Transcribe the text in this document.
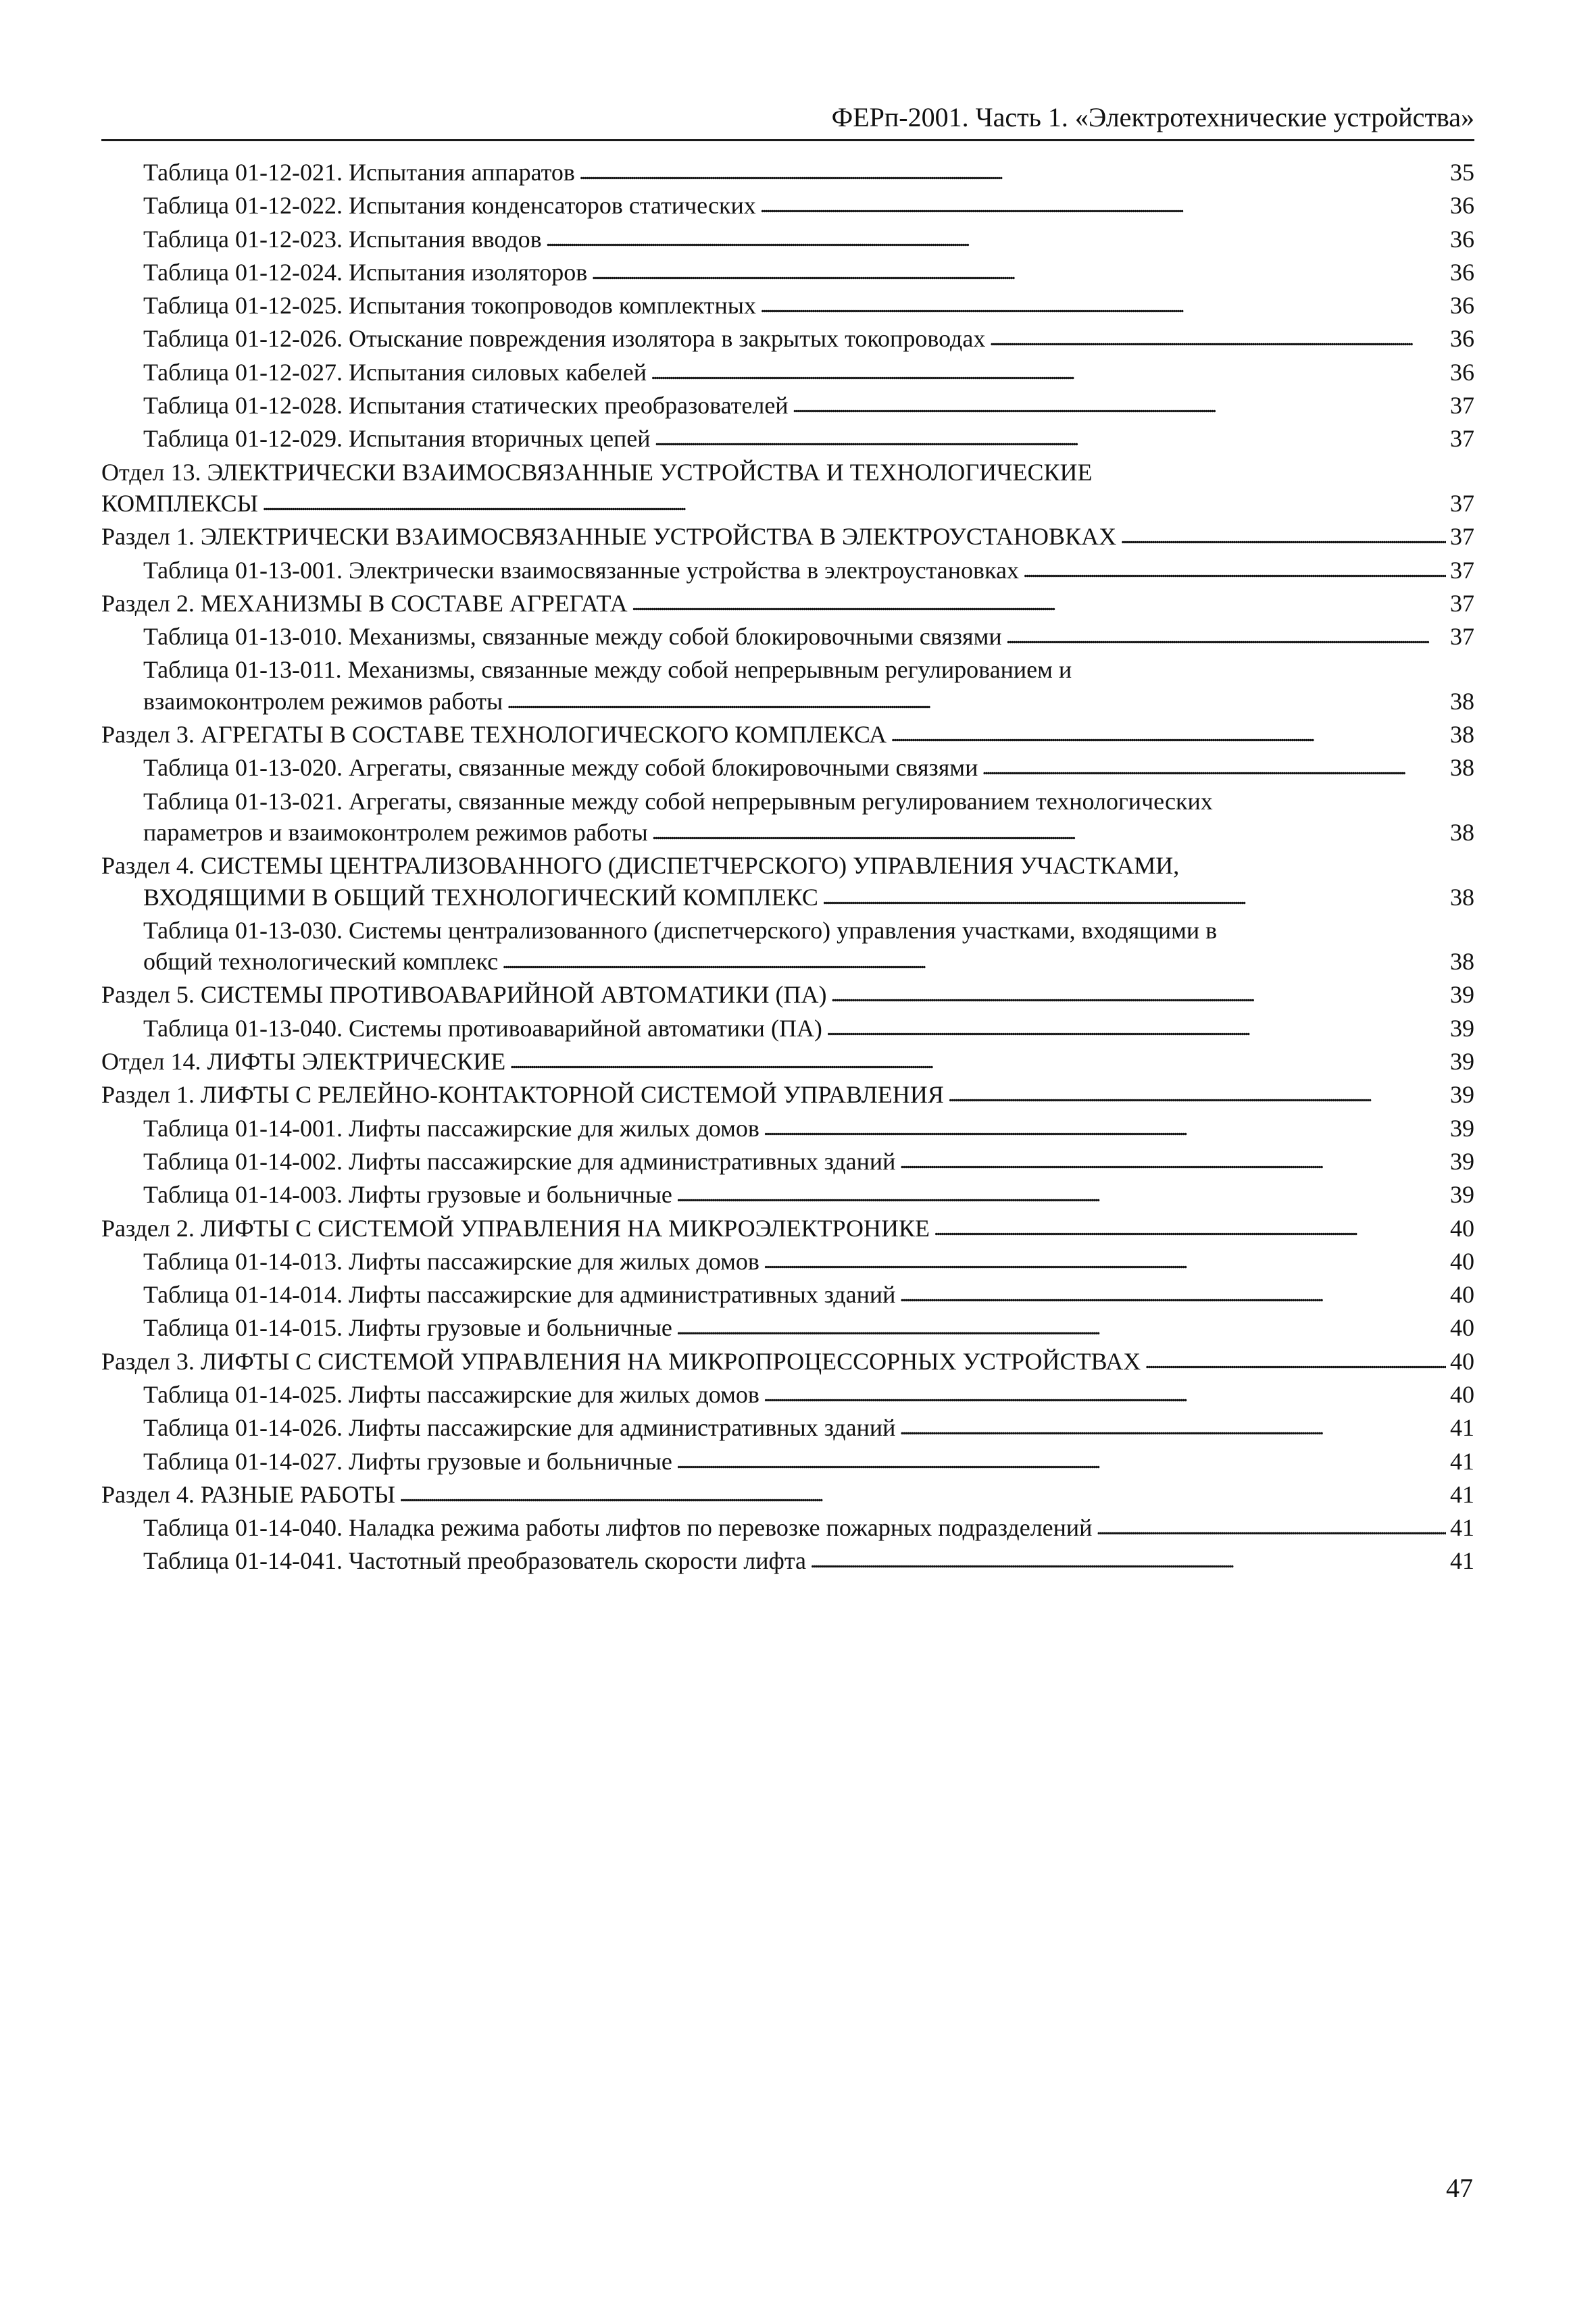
ФЕРп-2001. Часть 1. «Электротехнические устройства»
Таблица 01-12-021. Испытания аппаратов . . .	35
Таблица 01-12-022. Испытания конденсаторов статических . . .	36
Таблица 01-12-023. Испытания вводов . . .	36
Таблица 01-12-024. Испытания изоляторов . . .	36
Таблица 01-12-025. Испытания токопроводов комплектных . . .	36
Таблица 01-12-026. Отыскание повреждения изолятора в закрытых токопроводах . . .	36
Таблица 01-12-027. Испытания силовых кабелей . . .	36
Таблица 01-12-028. Испытания статических преобразователей . . .	37
Таблица 01-12-029. Испытания вторичных цепей . . .	37
Отдел 13. ЭЛЕКТРИЧЕСКИ ВЗАИМОСВЯЗАННЫЕ УСТРОЙСТВА И ТЕХНОЛОГИЧЕСКИЕ
КОМПЛЕКСЫ . . .	37
Раздел 1. ЭЛЕКТРИЧЕСКИ ВЗАИМОСВЯЗАННЫЕ УСТРОЙСТВА В ЭЛЕКТРОУСТАНОВКАХ . . .	37
Таблица 01-13-001. Электрически взаимосвязанные устройства в электроустановках . . .	37
Раздел 2. МЕХАНИЗМЫ В СОСТАВЕ АГРЕГАТА . . .	37
Таблица 01-13-010. Механизмы, связанные между собой блокировочными связями . . .	37
Таблица 01-13-011. Механизмы, связанные между собой непрерывным регулированием и
взаимоконтролем режимов работы . . .	38
Раздел 3. АГРЕГАТЫ В СОСТАВЕ ТЕХНОЛОГИЧЕСКОГО КОМПЛЕКСА . . .	38
Таблица 01-13-020. Агрегаты, связанные между собой блокировочными связями . . .	38
Таблица 01-13-021. Агрегаты, связанные между собой непрерывным регулированием технологических
параметров и взаимоконтролем режимов работы . . .	38
Раздел 4. СИСТЕМЫ ЦЕНТРАЛИЗОВАННОГО (ДИСПЕТЧЕРСКОГО) УПРАВЛЕНИЯ УЧАСТКАМИ,
ВХОДЯЩИМИ В ОБЩИЙ ТЕХНОЛОГИЧЕСКИЙ КОМПЛЕКС . . .	38
Таблица 01-13-030. Системы централизованного (диспетчерского) управления участками, входящими в
общий технологический комплекс . . .	38
Раздел 5. СИСТЕМЫ ПРОТИВОАВАРИЙНОЙ АВТОМАТИКИ (ПА) . . .	39
Таблица 01-13-040. Системы противоаварийной автоматики (ПА) . . .	39
Отдел 14. ЛИФТЫ ЭЛЕКТРИЧЕСКИЕ . . .	39
Раздел 1. ЛИФТЫ С РЕЛЕЙНО-КОНТАКТОРНОЙ СИСТЕМОЙ УПРАВЛЕНИЯ . . .	39
Таблица 01-14-001. Лифты пассажирские для жилых домов . . .	39
Таблица 01-14-002. Лифты пассажирские для административных зданий . . .	39
Таблица 01-14-003. Лифты грузовые и больничные . . .	39
Раздел 2. ЛИФТЫ С СИСТЕМОЙ УПРАВЛЕНИЯ НА МИКРОЭЛЕКТРОНИКЕ . . .	40
Таблица 01-14-013. Лифты пассажирские для жилых домов . . .	40
Таблица 01-14-014. Лифты пассажирские для административных зданий . . .	40
Таблица 01-14-015. Лифты грузовые и больничные . . .	40
Раздел 3. ЛИФТЫ С СИСТЕМОЙ УПРАВЛЕНИЯ НА МИКРОПРОЦЕССОРНЫХ УСТРОЙСТВАХ . . .	40
Таблица 01-14-025. Лифты пассажирские для жилых домов . . .	40
Таблица 01-14-026. Лифты пассажирские для административных зданий . . .	41
Таблица 01-14-027. Лифты грузовые и больничные . . .	41
Раздел 4. РАЗНЫЕ РАБОТЫ . . .	41
Таблица 01-14-040. Наладка режима работы лифтов по перевозке пожарных подразделений . . .	41
Таблица 01-14-041. Частотный преобразователь скорости лифта . . .	41
47
